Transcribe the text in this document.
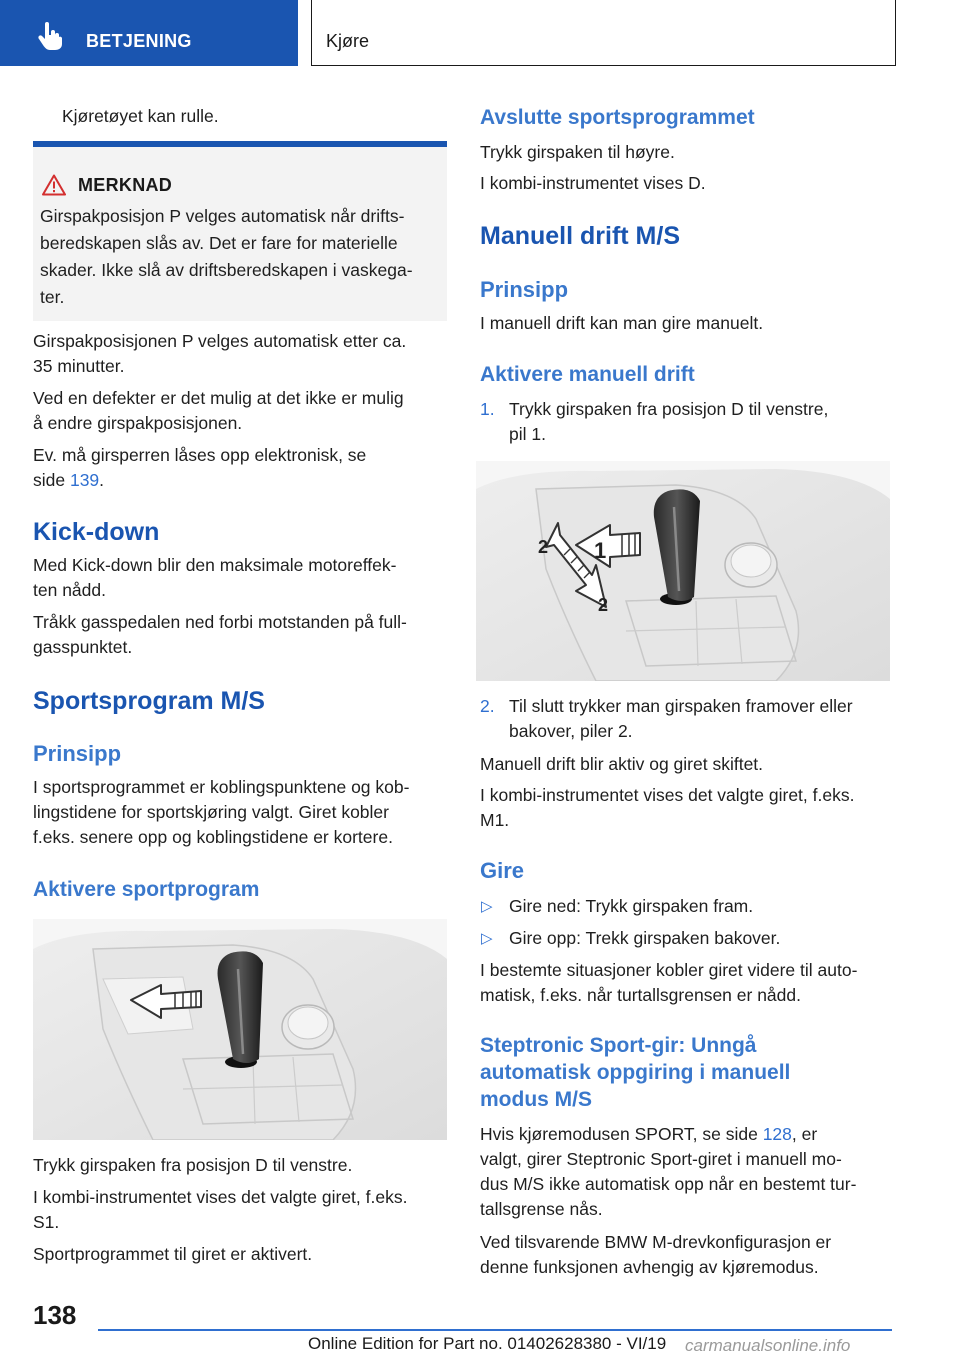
BETJENING	Kjøre

Kjøretøyet kan rulle.

MERKNAD
Girspakposisjon P velges automatisk når drifts-
beredskapen slås av. Det er fare for materielle
skader. Ikke slå av driftsberedskapen i vaskega-
ter.

Girspakposisjonen P velges automatisk etter ca.

35 minutter.

Ved en defekter er det mulig at det ikke er mulig

å endre girspakposisjonen.

Ev. må girsperren låses opp elektronisk, se

side 139.

Kick-down

Med Kick-down blir den maksimale motoreffek-

ten nådd.

Tråkk gasspedalen ned forbi motstanden på full-

gasspunktet.

Sportsprogram M/S
Prinsipp

I sportsprogrammet er koblingspunktene og kob-

lingstidene for sportskjøring valgt. Giret kobler

f.eks. senere opp og koblingstidene er kortere.

Aktivere sportprogram

Trykk girspaken fra posisjon D til venstre.

I kombi-instrumentet vises det valgte giret, f.eks.

S1.

Sportprogrammet til giret er aktivert.

Avslutte sportsprogrammet

Trykk girspaken til høyre.

I kombi-instrumentet vises D.

Manuell drift M/S
Prinsipp

I manuell drift kan man gire manuelt.

Aktivere manuell drift
1. Trykk girspaken fra posisjon D til venstre,

pil 1.

1
2
2
2. Til slutt trykker man girspaken framover eller

bakover, piler 2.

Manuell drift blir aktiv og giret skiftet.

I kombi-instrumentet vises det valgte giret, f.eks.

M1.

Gire
▷ Gire ned: Trykk girspaken fram.

▷ Gire opp: Trekk girspaken bakover.

I bestemte situasjoner kobler giret videre til auto-

matisk, f.eks. når turtallsgrensen er nådd.

Steptronic Sport-gir: Unngå
automatisk oppgiring i manuell
modus M/S

Hvis kjøremodusen SPORT, se side 128, er

valgt, girer Steptronic Sport-giret i manuell mo-

dus M/S ikke automatisk opp når en bestemt tur-

tallsgrense nås.

Ved tilsvarende BMW M-drevkonfigurasjon er

denne funksjonen avhengig av kjøremodus.

138
Online Edition for Part no. 01402628380 - VI/19 carmanualsonline.info
